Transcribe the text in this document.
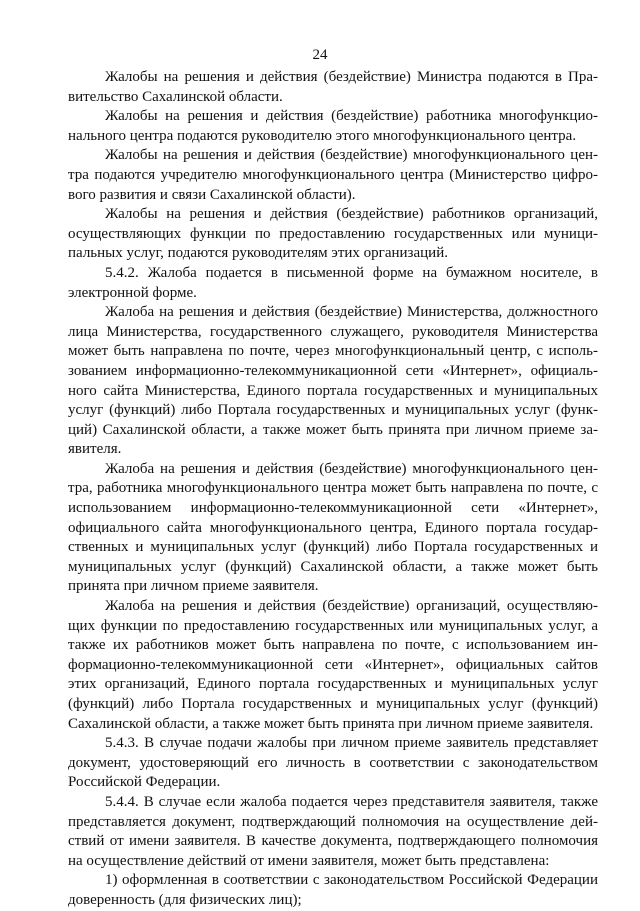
24

Жалобы на решения и действия (бездействие) Министра подаются в Правительство Сахалинской области.

Жалобы на решения и действия (бездействие) работника многофункционального центра подаются руководителю этого многофункционального центра.

Жалобы на решения и действия (бездействие) многофункционального центра подаются учредителю многофункционального центра (Министерство цифрового развития и связи Сахалинской области).

Жалобы на решения и действия (бездействие) работников организаций, осуществляющих функции по предоставлению государственных или муниципальных услуг, подаются руководителям этих организаций.

5.4.2. Жалоба подается в письменной форме на бумажном носителе, в электронной форме.

Жалоба на решения и действия (бездействие) Министерства, должностного лица Министерства, государственного служащего, руководителя Министерства может быть направлена по почте, через многофункциональный центр, с использованием информационно-телекоммуникационной сети «Интернет», официального сайта Министерства, Единого портала государственных и муниципальных услуг (функций) либо Портала государственных и муниципальных услуг (функций) Сахалинской области, а также может быть принята при личном приеме заявителя.

Жалоба на решения и действия (бездействие) многофункционального центра, работника многофункционального центра может быть направлена по почте, с использованием информационно-телекоммуникационной сети «Интернет», официального сайта многофункционального центра, Единого портала государственных и муниципальных услуг (функций) либо Портала государственных и муниципальных услуг (функций) Сахалинской области, а также может быть принята при личном приеме заявителя.

Жалоба на решения и действия (бездействие) организаций, осуществляющих функции по предоставлению государственных или муниципальных услуг, а также их работников может быть направлена по почте, с использованием информационно-телекоммуникационной сети «Интернет», официальных сайтов этих организаций, Единого портала государственных и муниципальных услуг (функций) либо Портала государственных и муниципальных услуг (функций) Сахалинской области, а также может быть принята при личном приеме заявителя.

5.4.3. В случае подачи жалобы при личном приеме заявитель представляет документ, удостоверяющий его личность в соответствии с законодательством Российской Федерации.

5.4.4. В случае если жалоба подается через представителя заявителя, также представляется документ, подтверждающий полномочия на осуществление действий от имени заявителя. В качестве документа, подтверждающего полномочия на осуществление действий от имени заявителя, может быть представлена:

1) оформленная в соответствии с законодательством Российской Федерации доверенность (для физических лиц);
